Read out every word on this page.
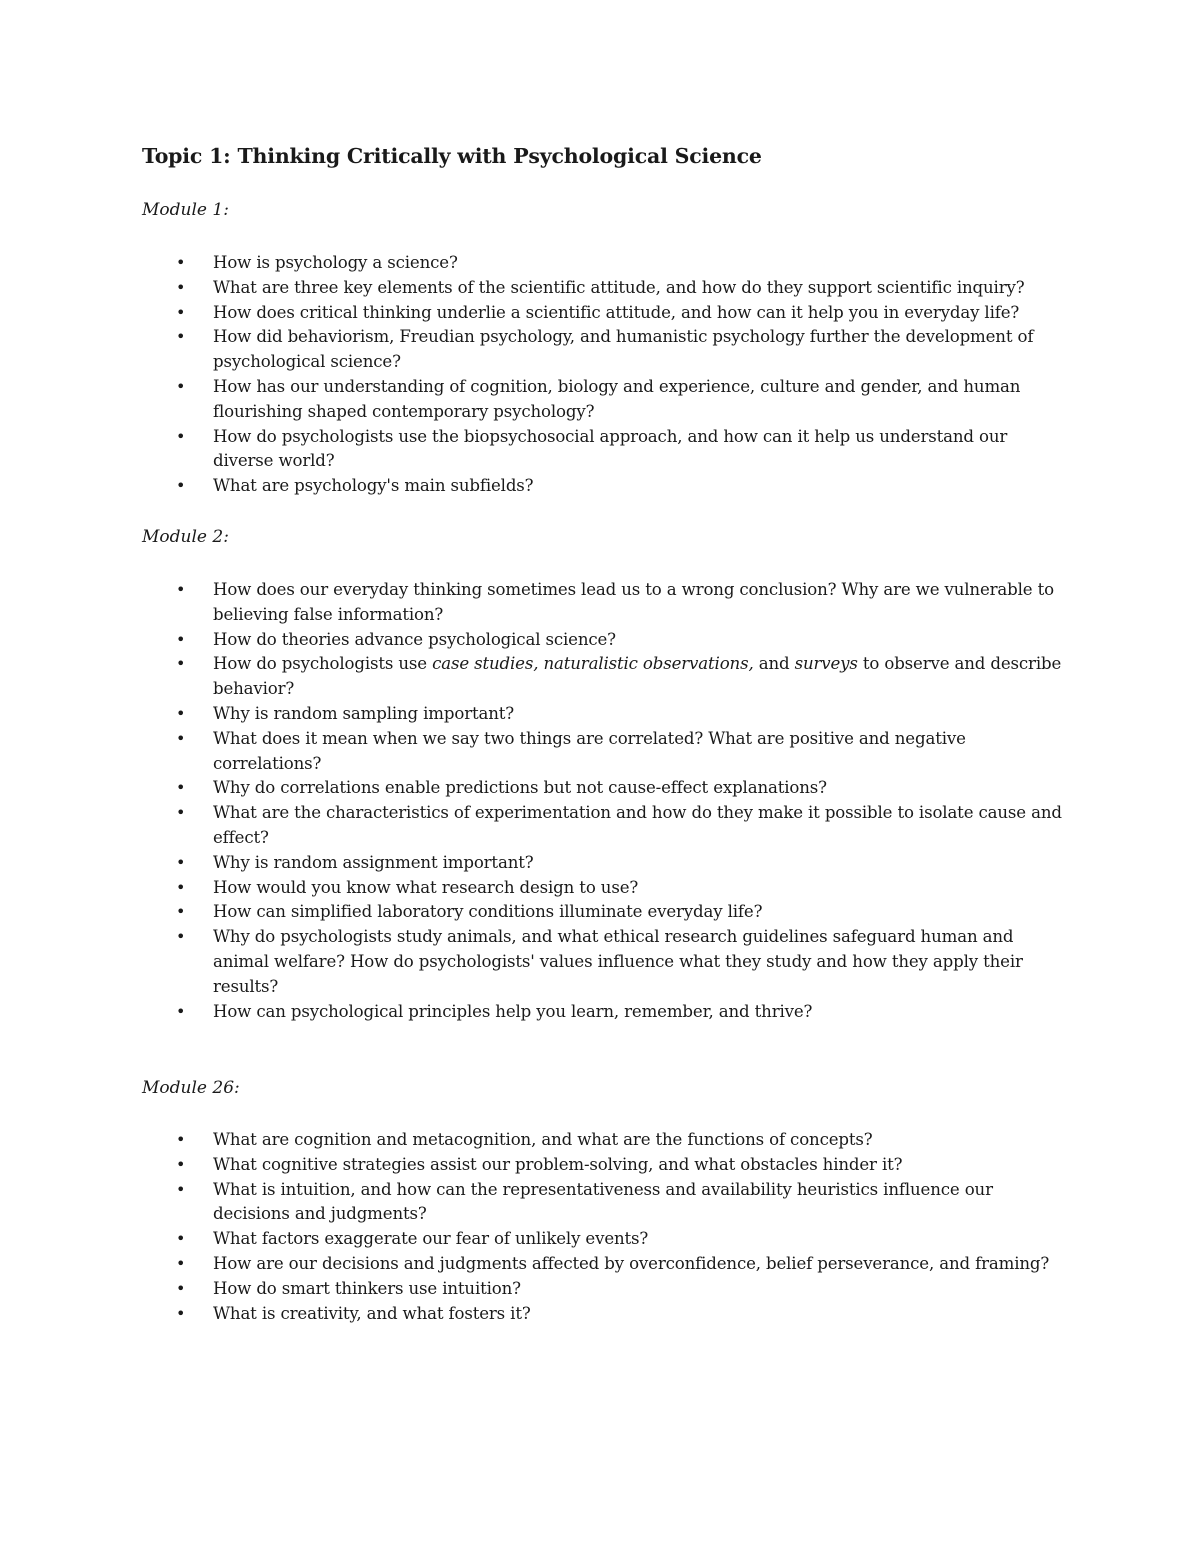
Topic 1: Thinking Critically with Psychological Science
Module 1:
• How is psychology a science?
• What are three key elements of the scientific attitude, and how do they support scientific inquiry?
• How does critical thinking underlie a scientific attitude, and how can it help you in everyday life?
• How did behaviorism, Freudian psychology, and humanistic psychology further the development of psychological science?
• How has our understanding of cognition, biology and experience, culture and gender, and human flourishing shaped contemporary psychology?
• How do psychologists use the biopsychosocial approach, and how can it help us understand our diverse world?
• What are psychology's main subfields?
Module 2:
• How does our everyday thinking sometimes lead us to a wrong conclusion? Why are we vulnerable to believing false information?
• How do theories advance psychological science?
• How do psychologists use case studies, naturalistic observations, and surveys to observe and describe behavior?
• Why is random sampling important?
• What does it mean when we say two things are correlated? What are positive and negative correlations?
• Why do correlations enable predictions but not cause-effect explanations?
• What are the characteristics of experimentation and how do they make it possible to isolate cause and effect?
• Why is random assignment important?
• How would you know what research design to use?
• How can simplified laboratory conditions illuminate everyday life?
• Why do psychologists study animals, and what ethical research guidelines safeguard human and animal welfare? How do psychologists' values influence what they study and how they apply their results?
• How can psychological principles help you learn, remember, and thrive?
Module 26:
• What are cognition and metacognition, and what are the functions of concepts?
• What cognitive strategies assist our problem-solving, and what obstacles hinder it?
• What is intuition, and how can the representativeness and availability heuristics influence our decisions and judgments?
• What factors exaggerate our fear of unlikely events?
• How are our decisions and judgments affected by overconfidence, belief perseverance, and framing?
• How do smart thinkers use intuition?
• What is creativity, and what fosters it?
